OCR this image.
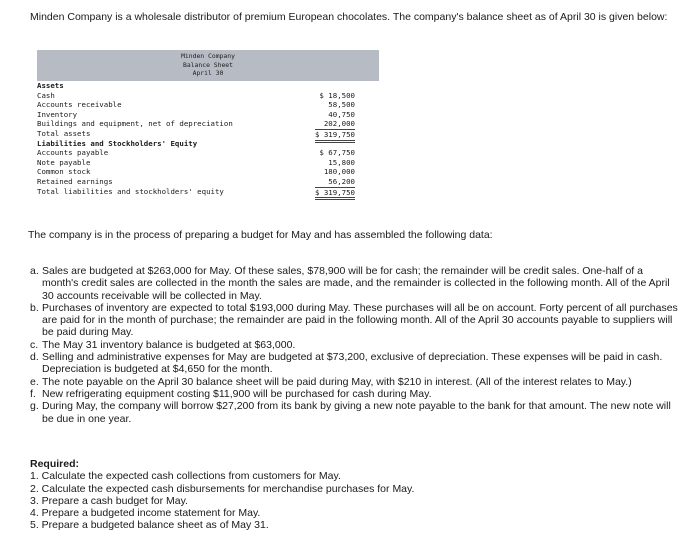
Minden Company is a wholesale distributor of premium European chocolates. The company's balance sheet as of April 30 is given below:
Minden Company
Balance Sheet
April 30
Assets
Cash	$ 18,500
Accounts receivable	58,500
Inventory	40,750
Buildings and equipment, net of depreciation	202,000
Total assets	$ 319,750
Liabilities and Stockholders' Equity
Accounts payable	$ 67,750
Note payable	15,800
Common stock	180,000
Retained earnings	56,200
Total liabilities and stockholders' equity	$ 319,750
The company is in the process of preparing a budget for May and has assembled the following data:
a. Sales are budgeted at $263,000 for May. Of these sales, $78,900 will be for cash; the remainder will be credit sales. One-half of a month's credit sales are collected in the month the sales are made, and the remainder is collected in the following month. All of the April 30 accounts receivable will be collected in May.
b. Purchases of inventory are expected to total $193,000 during May. These purchases will all be on account. Forty percent of all purchases are paid for in the month of purchase; the remainder are paid in the following month. All of the April 30 accounts payable to suppliers will be paid during May.
c. The May 31 inventory balance is budgeted at $63,000.
d. Selling and administrative expenses for May are budgeted at $73,200, exclusive of depreciation. These expenses will be paid in cash. Depreciation is budgeted at $4,650 for the month.
e. The note payable on the April 30 balance sheet will be paid during May, with $210 in interest. (All of the interest relates to May.)
f. New refrigerating equipment costing $11,900 will be purchased for cash during May.
g. During May, the company will borrow $27,200 from its bank by giving a new note payable to the bank for that amount. The new note will be due in one year.
Required:
1. Calculate the expected cash collections from customers for May.
2. Calculate the expected cash disbursements for merchandise purchases for May.
3. Prepare a cash budget for May.
4. Prepare a budgeted income statement for May.
5. Prepare a budgeted balance sheet as of May 31.
